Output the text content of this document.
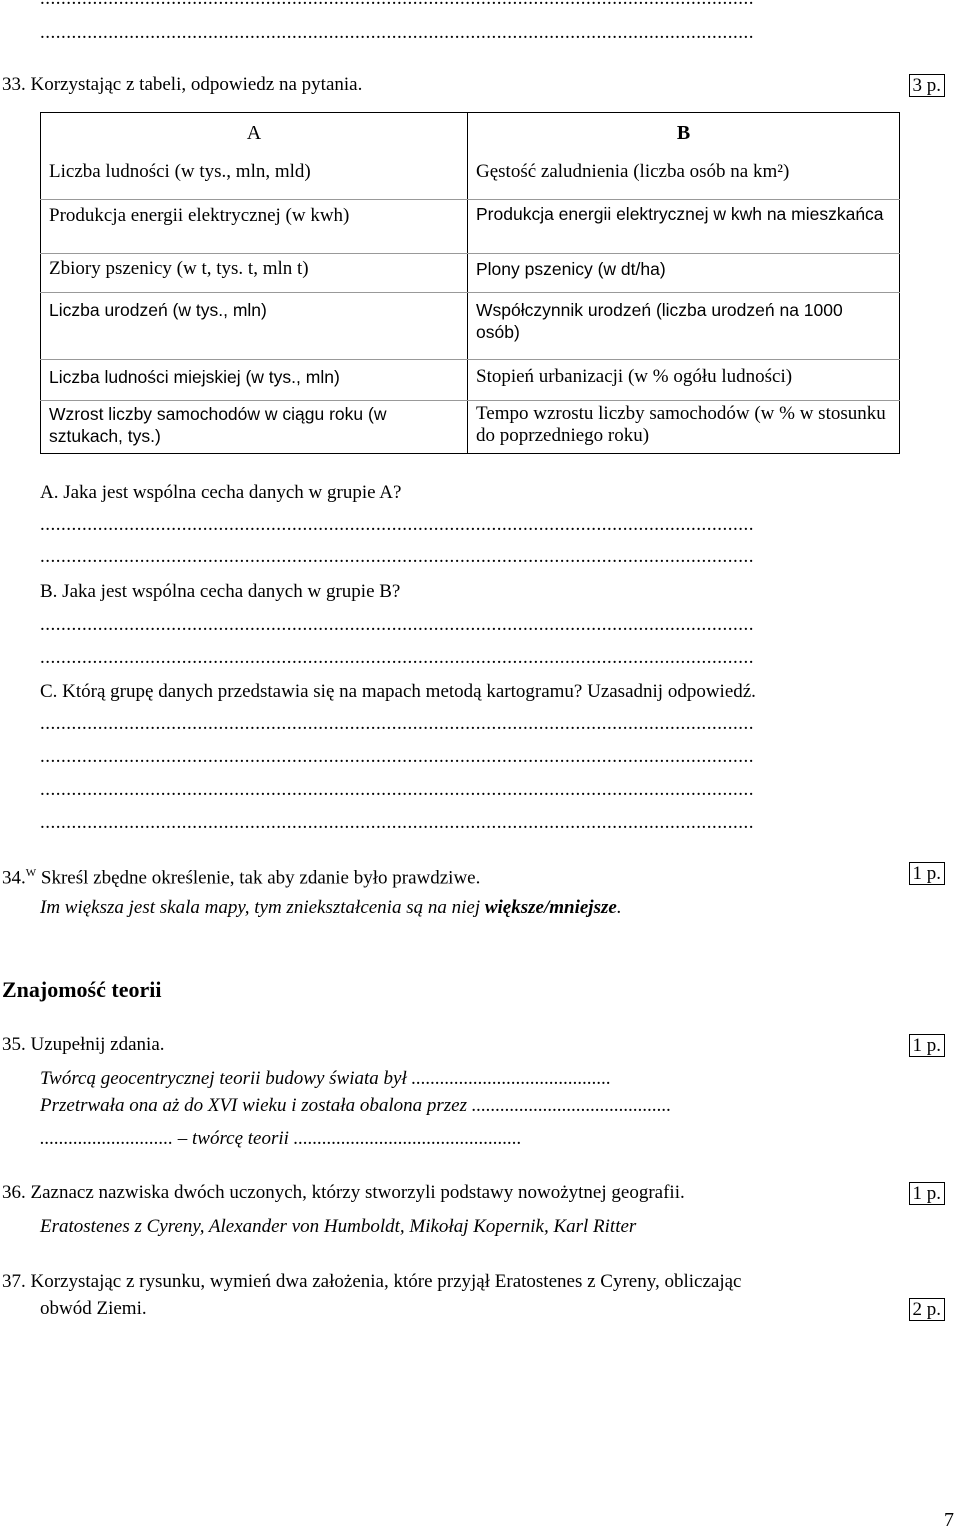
........................................................................................................................................
33. Korzystając z tabeli, odpowiedz na pytania.	3 p.
A	B
Liczba ludności (w tys., mln, mld)	Gęstość zaludnienia (liczba osób na km²)
Produkcja energii elektrycznej (w kwh)	Produkcja energii elektrycznej w kwh na mieszkańca
Zbiory pszenicy (w t, tys. t, mln t)	Plony pszenicy (w dt/ha)
Liczba urodzeń (w tys., mln)	Współczynnik urodzeń (liczba urodzeń na 1000 osób)
Liczba ludności miejskiej (w tys., mln)	Stopień urbanizacji (w % ogółu ludności)
Wzrost liczby samochodów w ciągu roku (w sztukach, tys.)	Tempo wzrostu liczby samochodów (w % w stosunku do poprzedniego roku)
A. Jaka jest wspólna cecha danych w grupie A?
........................................................................................................................................
........................................................................................................................................
B. Jaka jest wspólna cecha danych w grupie B?
........................................................................................................................................
........................................................................................................................................
C. Którą grupę danych przedstawia się na mapach metodą kartogramu? Uzasadnij odpowiedź.
........................................................................................................................................
........................................................................................................................................
........................................................................................................................................
........................................................................................................................................
34.$^W$ Skreśl zbędne określenie, tak aby zdanie było prawdziwe.	1 p.
Im większa jest skala mapy, tym zniekształcenia są na niej większe/mniejsze.
Znajomość teorii
35. Uzupełnij zdania.	1 p.
Twórcą geocentrycznej teorii budowy świata był ..........................................
Przetrwała ona aż do XVI wieku i została obalona przez ..........................................
............................ – twórcę teorii ................................................
36. Zaznacz nazwiska dwóch uczonych, którzy stworzyli podstawy nowożytnej geografii.	1 p.
Eratostenes z Cyreny, Alexander von Humboldt, Mikołaj Kopernik, Karl Ritter
37. Korzystając z rysunku, wymień dwa założenia, które przyjął Eratostenes z Cyreny, obliczając
obwód Ziemi.	2 p.
7
